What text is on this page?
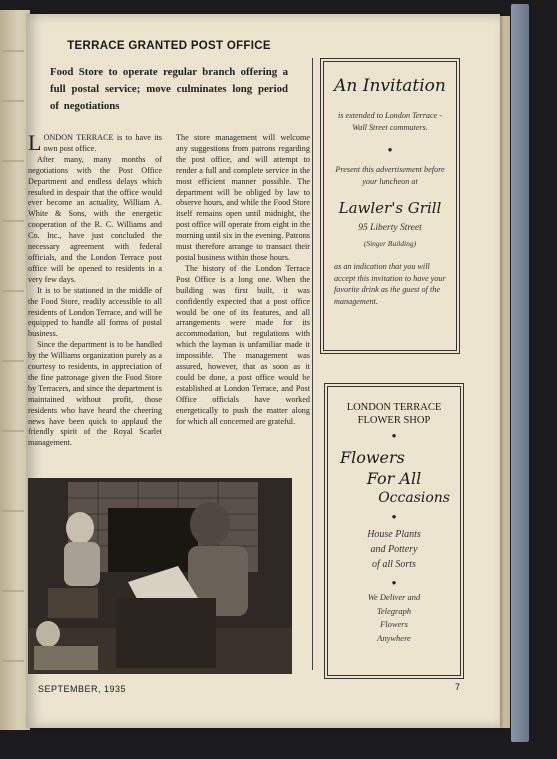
TERRACE GRANTED POST OFFICE
Food Store to operate regular branch offering a full postal service; move culminates long period of negotiations

LONDON TERRACE is to have its own post office.

After many, many months of negotiations with the Post Office Department and endless delays which resulted in despair that the office would ever become an actuality, William A. White & Sons, with the energetic cooperation of the R. C. Williams and Co. Inc., have just concluded the necessary agreement with federal officials, and the London Terrace post office will be opened to residents in a very few days.

It is to be stationed in the middle of the Food Store, readily accessible to all residents of London Terrace, and will be equipped to handle all forms of postal business.

Since the department is to be handled by the Williams organization purely as a courtesy to residents, in appreciation of the fine patronage given the Food Store by Terracers, and since the department is maintained without profit, those residents who have heard the cheering news have been quick to applaud the friendly spirit of the Royal Scarlet management.

The store management will welcome any suggestions from patrons regarding the post office, and will attempt to render a full and complete service in the most efficient manner possible. The department will be obliged by law to observe hours, and while the Food Store itself remains open until midnight, the post office will operate from eight in the morning until six in the evening. Patrons must therefore arrange to transact their postal business within those hours.

The history of the London Terrace Post Office is a long one. When the building was first built, it was confidently expected that a post office would be one of its features, and all arrangements were made for its accommodation, but regulations with which the layman is unfamiliar made it impossible. The management was assured, however, that as soon as it could be done, a post office would be established at London Terrace, and Post Office officials have worked energetically to push the matter along for which all concerned are grateful.

An Invitation
is extended to London Terrace - Wall Street commuters.
●
Present this advertisement before your luncheon at
Lawler's Grill
95 Liberty Street
(Singer Building)
as an indication that you will accept this invitation to have your favorite drink as the guest of the management.
LONDON TERRACE FLOWER SHOP
●
Flowers
For All
Occasions
●
House Plants
and Pottery
of all Sorts
●
We Deliver and
Telegraph
Flowers
Anywhere
SEPTEMBER, 1935	7
